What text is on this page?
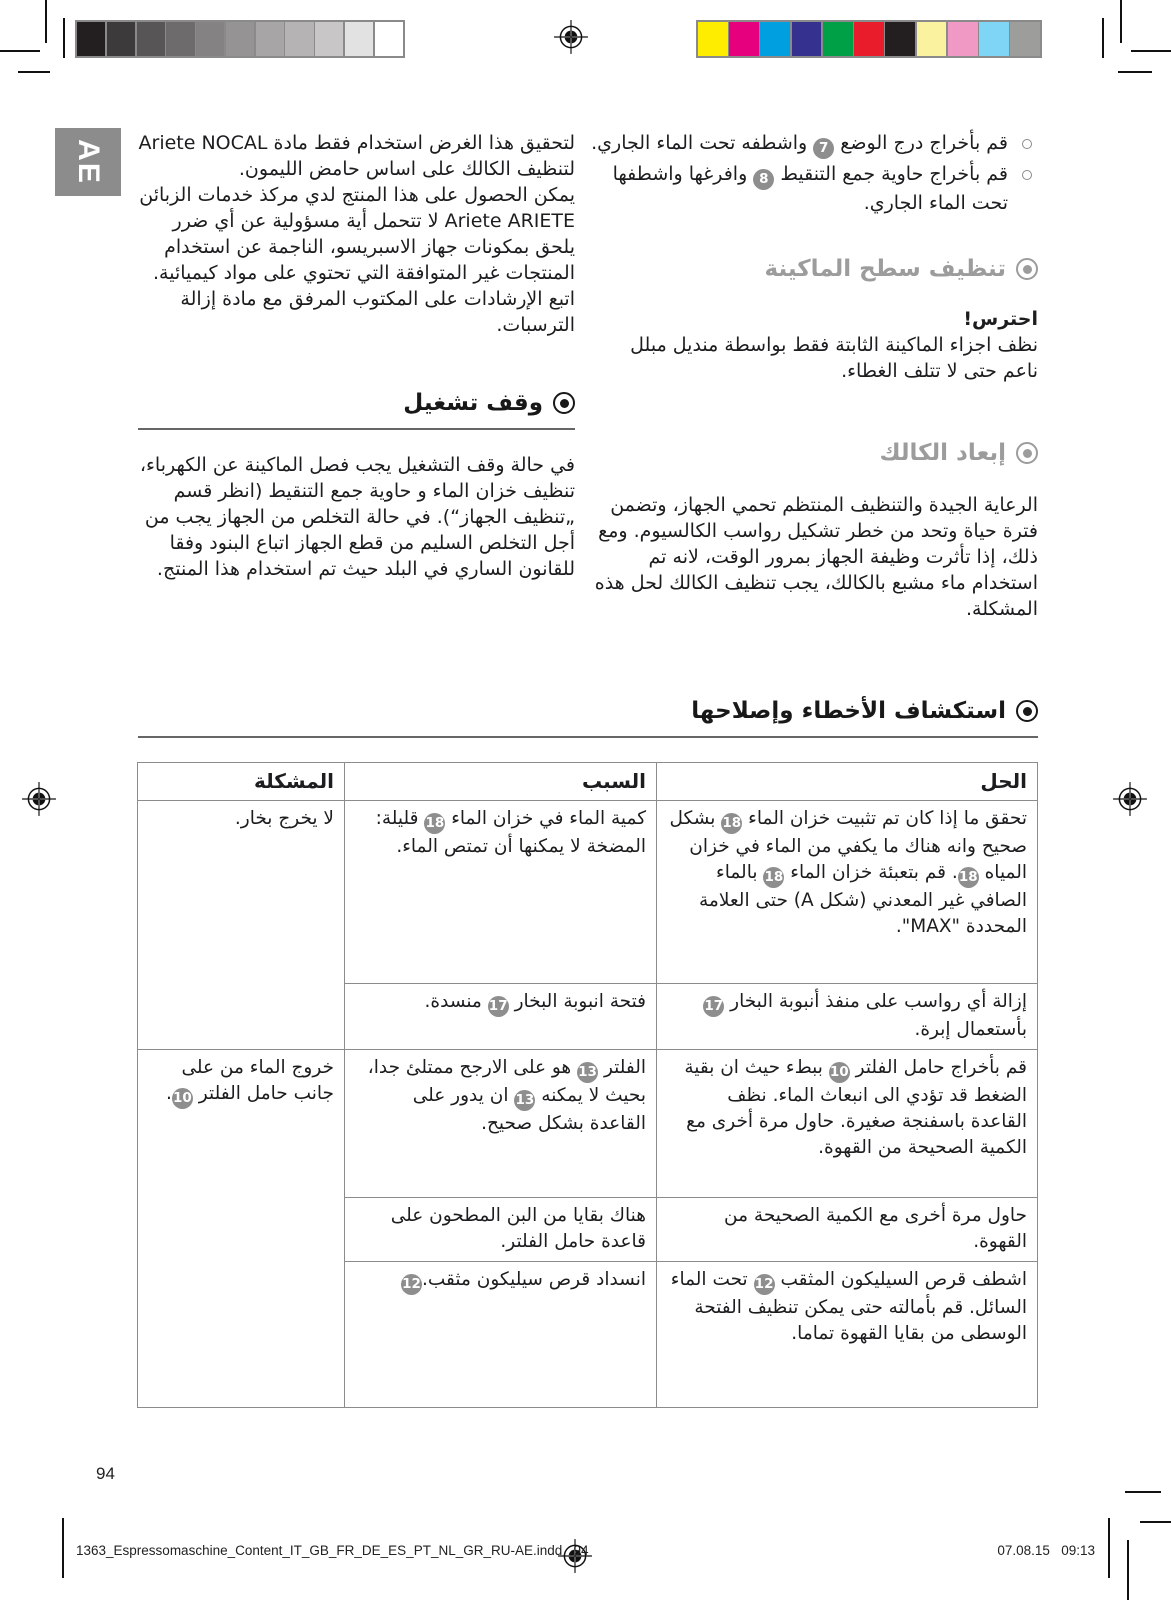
AE	قم بأخراج درج الوضع 7 واشطفه تحت الماء الجاري.
قم بأخراج حاوية جمع التنقيط 8 وافرغها واشطفها تحت الماء الجاري.
تنظيف سطح الماكينة

احترس!

نظف اجزاء الماكينة الثابتة فقط بواسطة منديل مبلل ناعم حتى لا تتلف الغطاء.

إبعاد الكالك

الرعاية الجيدة والتنظيف المنتظم تحمي الجهاز، وتضمن فترة حياة وتحد من خطر تشكيل رواسب الكالسيوم. ومع ذلك، إذا تأثرت وظيفة الجهاز بمرور الوقت، لانه تم استخدام ماء مشبع بالكالك، يجب تنظيف الكالك لحل هذه المشكلة.

لتحقيق هذا الغرض استخدام فقط مادة Ariete NOCAL لتنظيف الكالك على اساس حامض الليمون.

يمكن الحصول على هذا المنتج لدي مركذ خدمات الزبائن Ariete ARIETE لا تتحمل أية مسؤولية عن أي ضرر يلحق بمكونات جهاز الاسبريسو، الناجمة عن استخدام المنتجات غير المتوافقة التي تحتوي على مواد كيميائية. اتبع الإرشادات على المكتوب المرفق مع مادة إزالة الترسبات.

وقف تشغيل

في حالة وقف التشغيل يجب فصل الماكينة عن الكهرباء، تنظيف خزان الماء و حاوية جمع التنقيط (انظر قسم „تنظيف الجهاز“). في حالة التخلص من الجهاز يجب من أجل التخلص السليم من قطع الجهاز اتباع البنود وفقا للقانون الساري في البلد حيث تم استخدام هذا المنتج.

استكشاف الأخطاء وإصلاحها
الحل	السبب	المشكلة
تحقق ما إذا كان تم تثبيت خزان الماء 18 بشكل صحيح وانه هناك ما يكفي من الماء في خزان المياه 18. قم بتعبئة خزان الماء 18 بالماء الصافي غير المعدني (شكل A) حتى العلامة المحددة "MAX".	كمية الماء في خزان الماء 18 قليلة: المضخة لا يمكنها أن تمتص الماء.	لا يخرج بخار.
إزالة أي رواسب على منفذ أنبوبة البخار 17 بأستعمال إبرة.	فتحة انبوبة البخار 17 منسدة.	
قم بأخراج حامل الفلتر 10 ببطء حيث ان بقية الضغط قد تؤدي الى انبعاث الماء. نظف القاعدة باسفنجة صغيرة. حاول مرة أخرى مع الكمية الصحيحة من القهوة.	الفلتر 13 هو على الارجح ممتلئ جدا، بحيث لا يمكنه 13 ان يدور على القاعدة بشكل صحيح.	خروج الماء من على جانب حامل الفلتر 10.
حاول مرة أخرى مع الكمية الصحيحة من القهوة.	هناك بقايا من البن المطحون على قاعدة حامل الفلتر.	
اشطف قرص السيليكون المثقب 12 تحت الماء السائل. قم بأمالته حتى يمكن تنظيف الفتحة الوسطى من بقايا القهوة تماما.	انسداد قرص سيليكون مثقب.12	
94
1363_Espressomaschine_Content_IT_GB_FR_DE_ES_PT_NL_GR_RU-AE.indd 94	07.08.15 09:13
